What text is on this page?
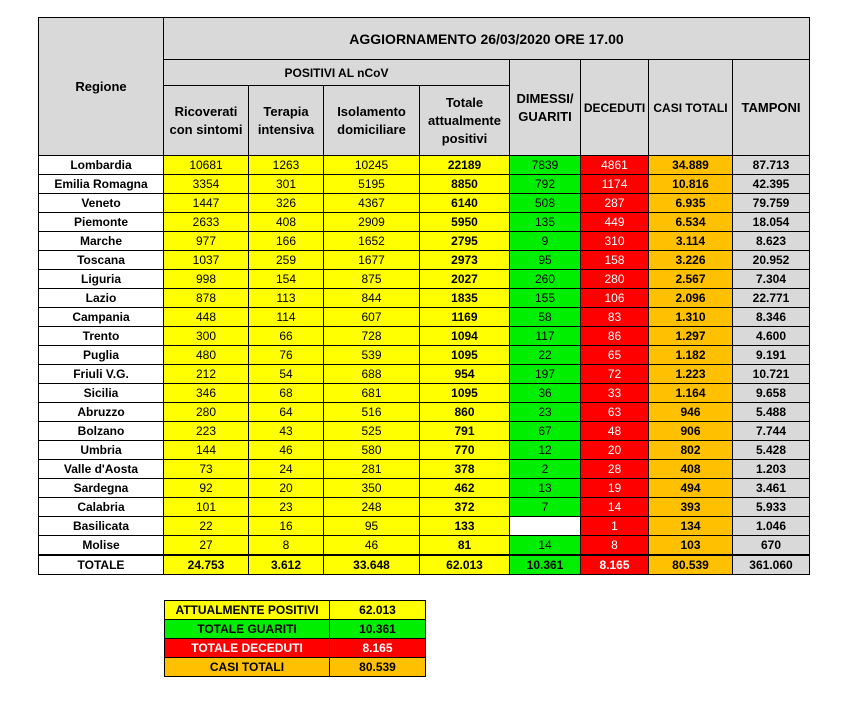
Regione	AGGIORNAMENTO 26/03/2020 ORE 17.00							
	POSITIVI AL nCoV				DIMESSI/ GUARITI	DECEDUTI	CASI TOTALI	TAMPONI
	Ricoverati con sintomi	Terapia intensiva	Isolamento domiciliare	Totale attualmente positivi				
Lombardia	10681	1263	10245	22189	7839	4861	34.889	87.713
Emilia Romagna	3354	301	5195	8850	792	1174	10.816	42.395
Veneto	1447	326	4367	6140	508	287	6.935	79.759
Piemonte	2633	408	2909	5950	135	449	6.534	18.054
Marche	977	166	1652	2795	9	310	3.114	8.623
Toscana	1037	259	1677	2973	95	158	3.226	20.952
Liguria	998	154	875	2027	260	280	2.567	7.304
Lazio	878	113	844	1835	155	106	2.096	22.771
Campania	448	114	607	1169	58	83	1.310	8.346
Trento	300	66	728	1094	117	86	1.297	4.600
Puglia	480	76	539	1095	22	65	1.182	9.191
Friuli V.G.	212	54	688	954	197	72	1.223	10.721
Sicilia	346	68	681	1095	36	33	1.164	9.658
Abruzzo	280	64	516	860	23	63	946	5.488
Bolzano	223	43	525	791	67	48	906	7.744
Umbria	144	46	580	770	12	20	802	5.428
Valle d'Aosta	73	24	281	378	2	28	408	1.203
Sardegna	92	20	350	462	13	19	494	3.461
Calabria	101	23	248	372	7	14	393	5.933
Basilicata	22	16	95	133		1	134	1.046
Molise	27	8	46	81	14	8	103	670
TOTALE	24.753	3.612	33.648	62.013	10.361	8.165	80.539	361.060
ATTUALMENTE POSITIVI	62.013
TOTALE GUARITI	10.361
TOTALE DECEDUTI	8.165
CASI TOTALI	80.539
